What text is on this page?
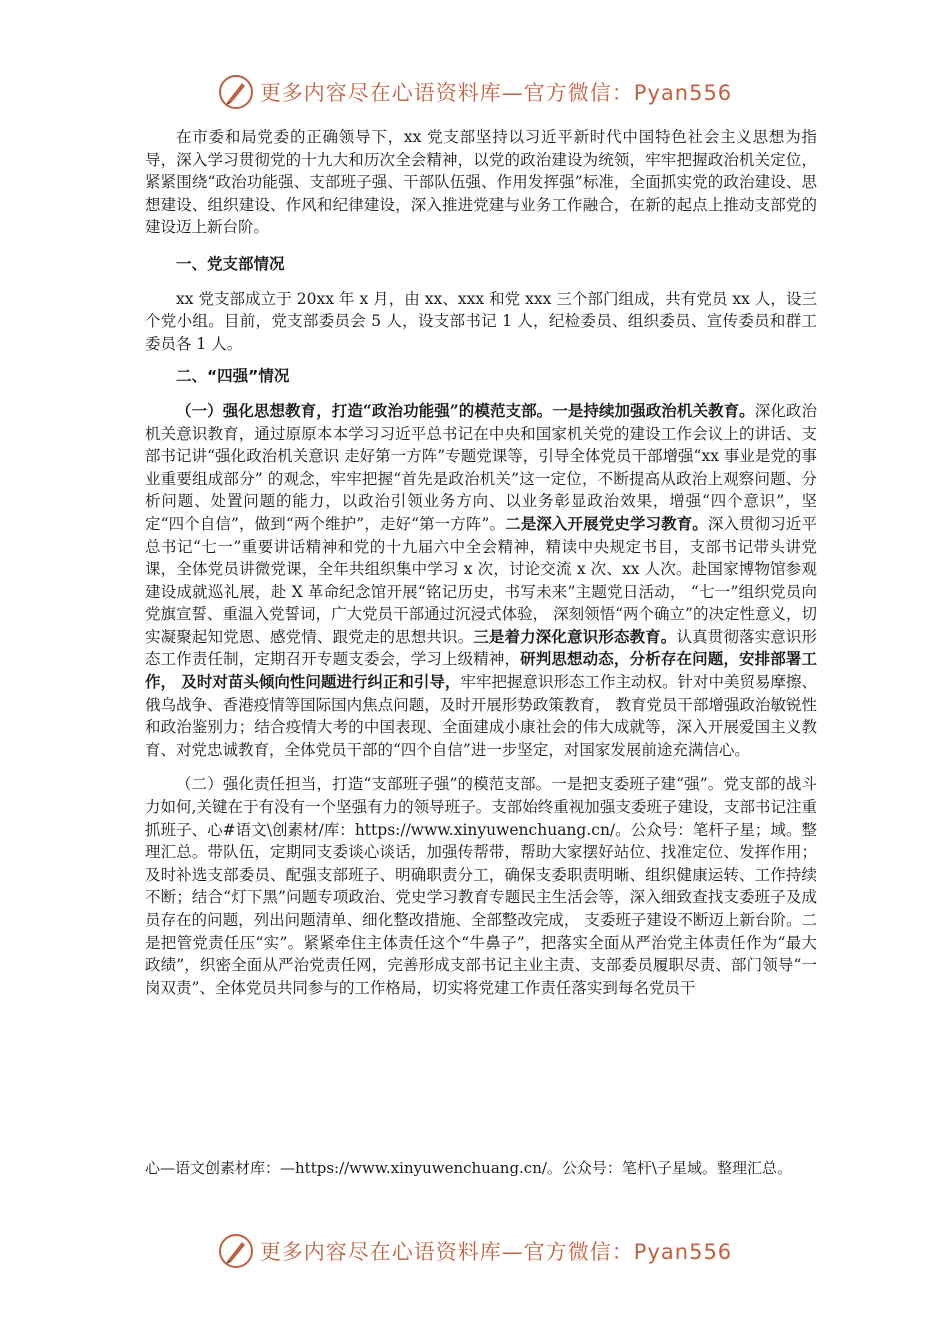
更多内容尽在心语资料库—官方微信：Pyan556

在市委和局党委的正确领导下，xx 党支部坚持以习近平新时代中国特色社会主义思想为指导，深入学习贯彻党的十九大和历次全会精神，以党的政治建设为统领，牢牢把握政治机关定位，紧紧围绕“政治功能强、支部班子强、干部队伍强、作用发挥强”标准，全面抓实党的政治建设、思想建设、组织建设、作风和纪律建设，深入推进党建与业务工作融合，在新的起点上推动支部党的建设迈上新台阶。

一、党支部情况

xx 党支部成立于 20xx 年 x 月，由 xx、xxx 和党 xxx 三个部门组成，共有党员 xx 人，设三个党小组。目前，党支部委员会 5 人，设支部书记 1 人，纪检委员、组织委员、宣传委员和群工委员各 1 人。

二、“四强”情况

（一）强化思想教育，打造“政治功能强”的模范支部。一是持续加强政治机关教育。深化政治机关意识教育，通过原原本本学习习近平总书记在中央和国家机关党的建设工作会议上的讲话、支部书记讲“强化政治机关意识 走好第一方阵”专题党课等，引导全体党员干部增强“xx 事业是党的事业重要组成部分” 的观念，牢牢把握“首先是政治机关”这一定位，不断提高从政治上观察问题、分析问题、处置问题的能力，以政治引领业务方向、以业务彰显政治效果，增强“四个意识”，坚定“四个自信”，做到“两个维护”，走好“第一方阵”。二是深入开展党史学习教育。深入贯彻习近平总书记“七一”重要讲话精神和党的十九届六中全会精神，精读中央规定书目，支部书记带头讲党课，全体党员讲微党课，全年共组织集中学习 x 次，讨论交流 x 次、xx 人次。赴国家博物馆参观建设成就巡礼展，赴 X 革命纪念馆开展“铭记历史，书写未来”主题党日活动， “七一”组织党员向党旗宣誓、重温入党誓词，广大党员干部通过沉浸式体验， 深刻领悟“两个确立”的决定性意义，切实凝聚起知党恩、感党情、跟党走的思想共识。三是着力深化意识形态教育。认真贯彻落实意识形态工作责任制，定期召开专题支委会，学习上级精神，研判思想动态，分析存在问题，安排部署工作， 及时对苗头倾向性问题进行纠正和引导，牢牢把握意识形态工作主动权。针对中美贸易摩擦、俄乌战争、香港疫情等国际国内焦点问题，及时开展形势政策教育， 教育党员干部增强政治敏锐性和政治鉴别力；结合疫情大考的中国表现、全面建成小康社会的伟大成就等，深入开展爱国主义教育、对党忠诚教育，全体党员干部的“四个自信”进一步坚定，对国家发展前途充满信心。

（二）强化责任担当，打造“支部班子强”的模范支部。一是把支委班子建“强”。党支部的战斗力如何,关键在于有没有一个坚强有力的领导班子。支部始终重视加强支委班子建设，支部书记注重抓班子、心#语文\创素材/库：https://www.xinyuwenchuang.cn/。公众号：笔杆子星；域。整理汇总。带队伍，定期同支委谈心谈话，加强传帮带，帮助大家摆好站位、找准定位、发挥作用；及时补选支部委员、配强支部班子、明确职责分工，确保支委职责明晰、组织健康运转、工作持续不断；结合“灯下黑”问题专项政治、党史学习教育专题民主生活会等，深入细致查找支委班子及成员存在的问题，列出问题清单、细化整改措施、全部整改完成， 支委班子建设不断迈上新台阶。二是把管党责任压“实”。紧紧牵住主体责任这个“牛鼻子”，把落实全面从严治党主体责任作为“最大政绩”，织密全面从严治党责任网，完善形成支部书记主业主责、支部委员履职尽责、部门领导“一岗双责”、全体党员共同参与的工作格局，切实将党建工作责任落实到每名党员干

心—语文创素材库：—https://www.xinyuwenchuang.cn/。公众号：笔杆\子星域。整理汇总。

更多内容尽在心语资料库—官方微信：Pyan556
